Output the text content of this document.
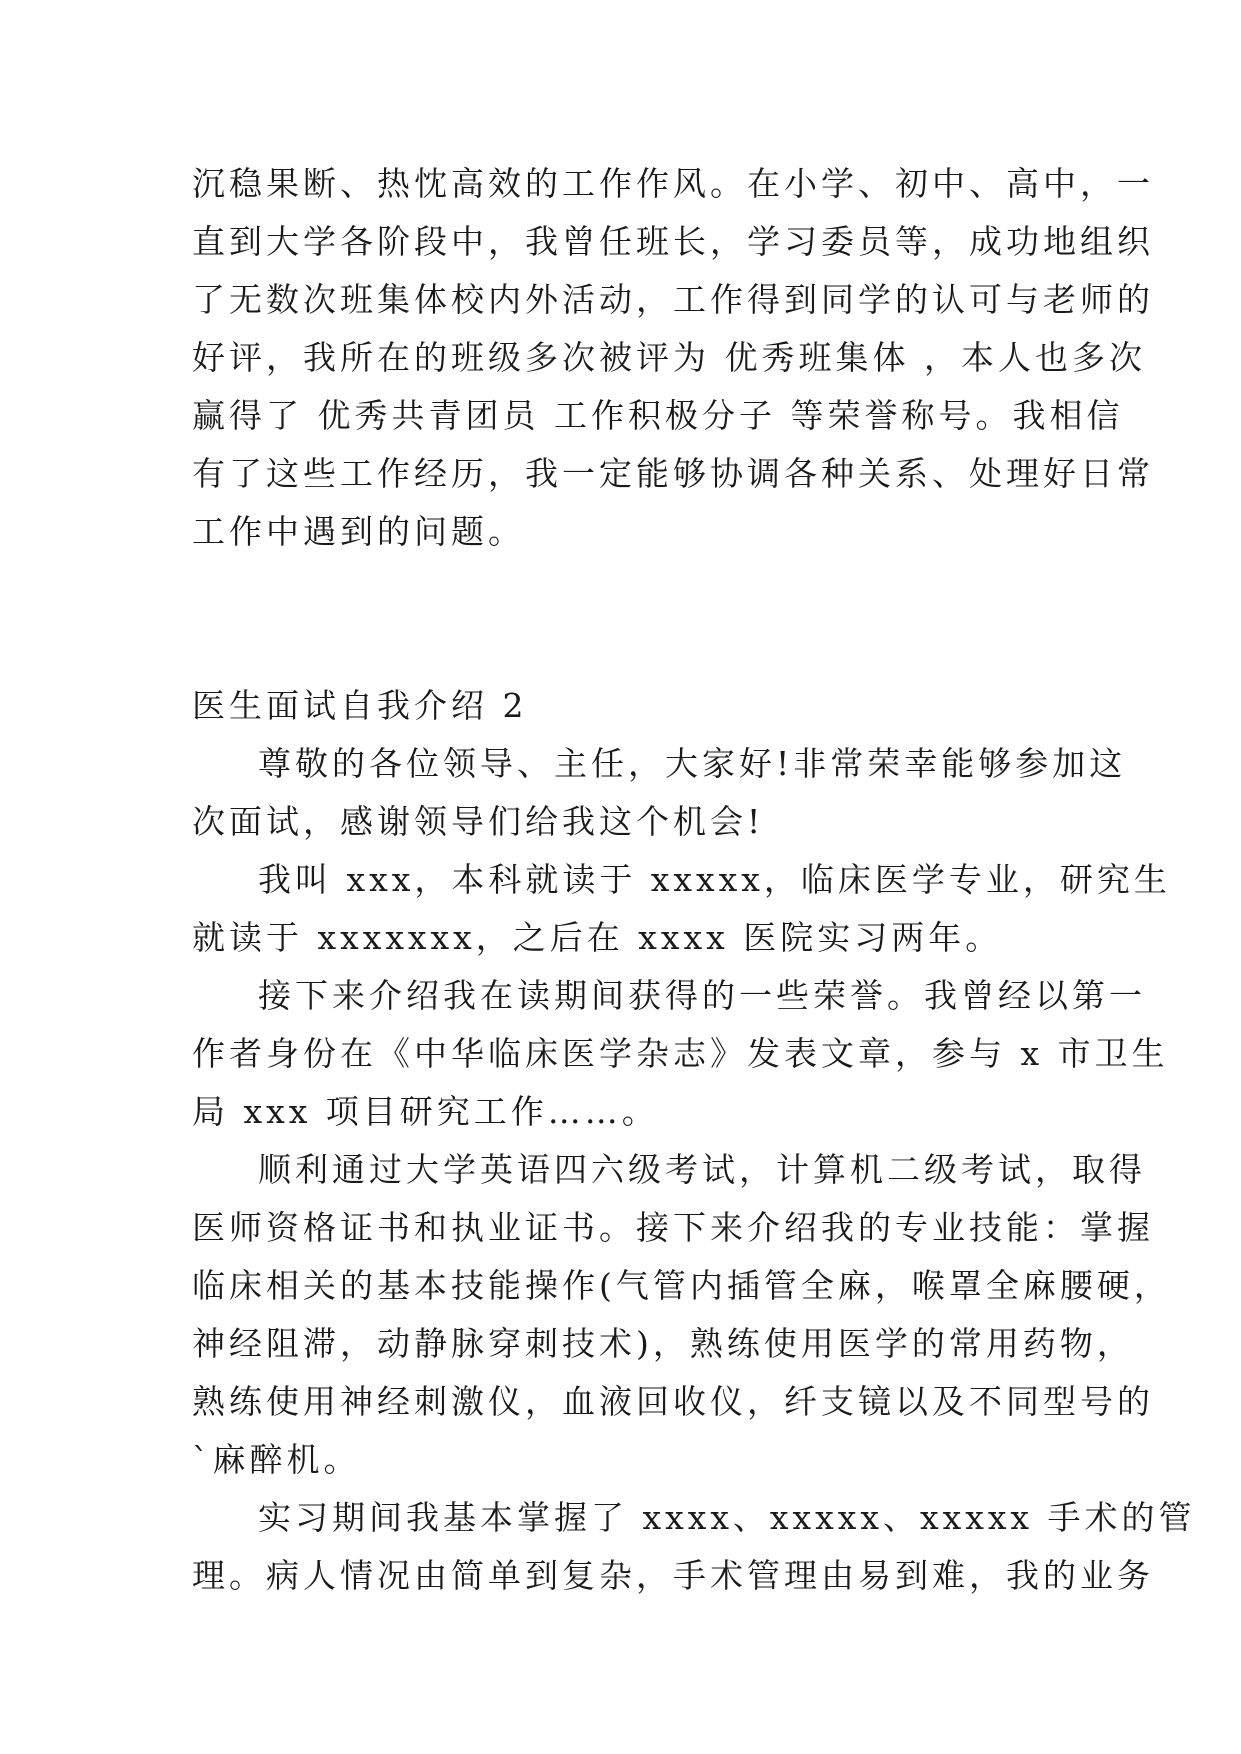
沉稳果断、热忱高效的工作作风。在小学、初中、高中，一
直到大学各阶段中，我曾任班长，学习委员等，成功地组织
了无数次班集体校内外活动，工作得到同学的认可与老师的
好评，我所在的班级多次被评为 优秀班集体 ，本人也多次
赢得了 优秀共青团员 工作积极分子 等荣誉称号。我相信
有了这些工作经历，我一定能够协调各种关系、处理好日常
工作中遇到的问题。
医生面试自我介绍 2
尊敬的各位领导、主任，大家好!非常荣幸能够参加这
次面试，感谢领导们给我这个机会!
我叫 xxx，本科就读于 xxxxx，临床医学专业，研究生
就读于 xxxxxxx，之后在 xxxx 医院实习两年。
接下来介绍我在读期间获得的一些荣誉。我曾经以第一
作者身份在《中华临床医学杂志》发表文章，参与 x 市卫生
局 xxx 项目研究工作……。
顺利通过大学英语四六级考试，计算机二级考试，取得
医师资格证书和执业证书。接下来介绍我的专业技能：掌握
临床相关的基本技能操作(气管内插管全麻，喉罩全麻腰硬，
神经阻滞，动静脉穿刺技术)，熟练使用医学的常用药物，
熟练使用神经刺激仪，血液回收仪，纤支镜以及不同型号的
`麻醉机。
实习期间我基本掌握了 xxxx、xxxxx、xxxxx 手术的管
理。病人情况由简单到复杂，手术管理由易到难，我的业务
